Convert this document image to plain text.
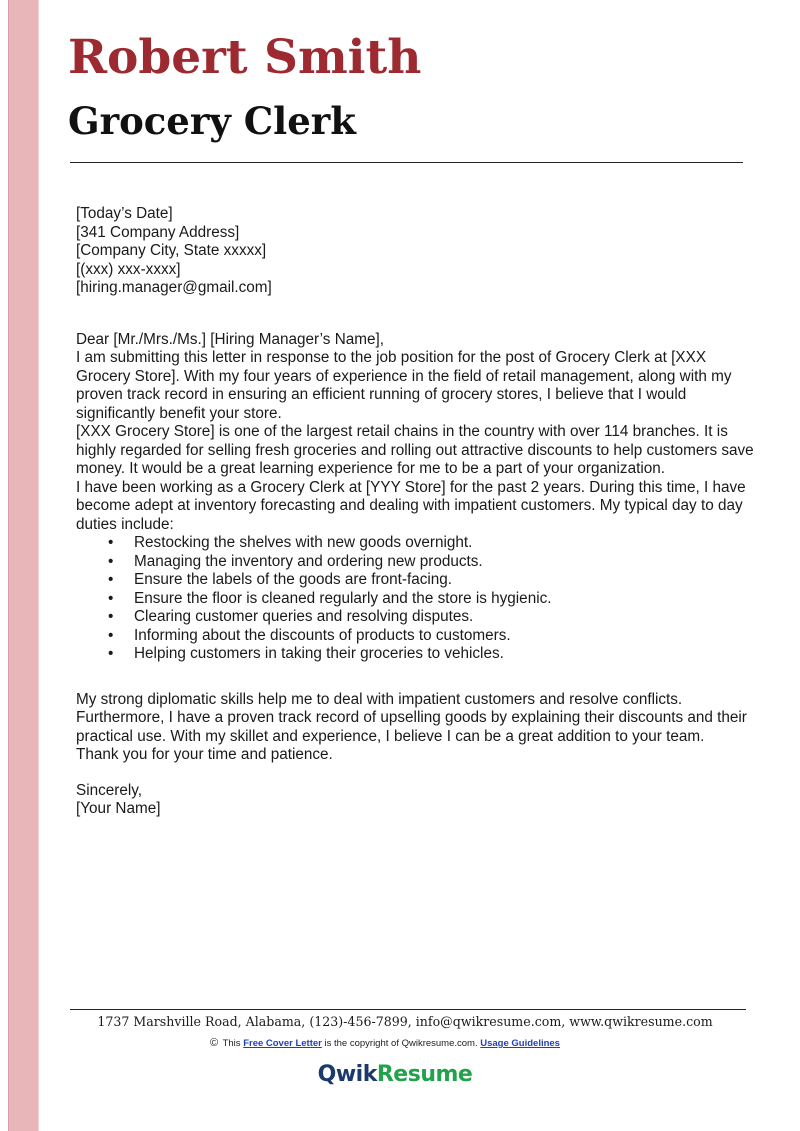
Robert Smith
Grocery Clerk

[Today’s Date]

[341 Company Address]

[Company City, State xxxxx]

[(xxx) xxx-xxxx]

[hiring.manager@gmail.com]

Dear [Mr./Mrs./Ms.] [Hiring Manager’s Name],

I am submitting this letter in response to the job position for the post of Grocery Clerk at [XXX Grocery Store]. With my four years of experience in the field of retail management, along with my proven track record in ensuring an efficient running of grocery stores, I believe that I would significantly benefit your store.

[XXX Grocery Store] is one of the largest retail chains in the country with over 114 branches. It is highly regarded for selling fresh groceries and rolling out attractive discounts to help customers save money. It would be a great learning experience for me to be a part of your organization.

I have been working as a Grocery Clerk at [YYY Store] for the past 2 years. During this time, I have become adept at inventory forecasting and dealing with impatient customers. My typical day to day duties include:

• Restocking the shelves with new goods overnight.
• Managing the inventory and ordering new products.
• Ensure the labels of the goods are front-facing.
• Ensure the floor is cleaned regularly and the store is hygienic.
• Clearing customer queries and resolving disputes.
• Informing about the discounts of products to customers.
• Helping customers in taking their groceries to vehicles.

My strong diplomatic skills help me to deal with impatient customers and resolve conflicts. Furthermore, I have a proven track record of upselling goods by explaining their discounts and their practical use. With my skillet and experience, I believe I can be a great addition to your team.

Thank you for your time and patience.

Sincerely,

[Your Name]

1737 Marshville Road, Alabama, (123)-456-7899, info@qwikresume.com, www.qwikresume.com
© This Free Cover Letter is the copyright of Qwikresume.com. Usage Guidelines
QwikResume
